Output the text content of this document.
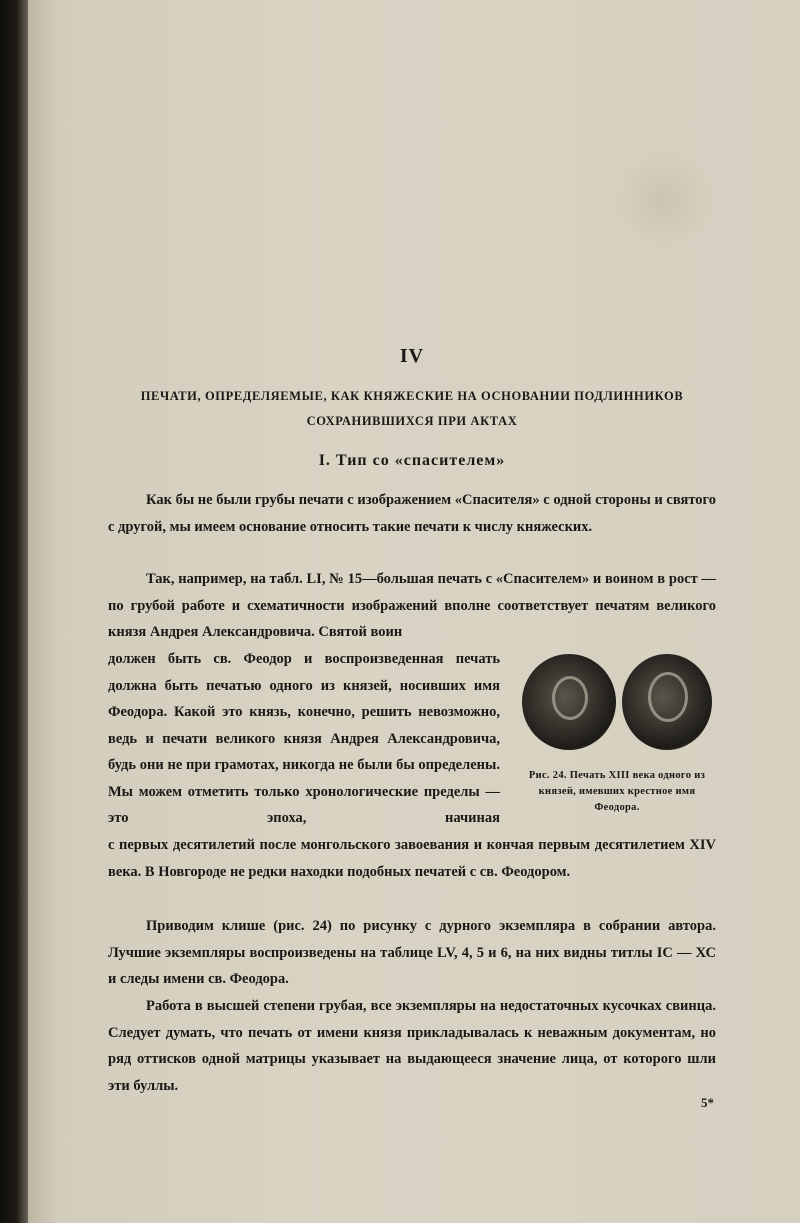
IV
ПЕЧАТИ, ОПРЕДЕЛЯЕМЫЕ, КАК КНЯЖЕСКИЕ НА ОСНОВАНИИ ПОДЛИННИКОВ
СОХРАНИВШИХСЯ ПРИ АКТАХ
I. Тип со «спасителем»

Как бы не были грубы печати с изображением «Спасителя» с одной стороны и святого с другой, мы имеем основание относить такие печати к числу княжеских.

Так, например, на табл. LI, № 15—большая печать с «Спасителем» и воином в рост — по грубой работе и схематичности изображений вполне соответствует печатям великого князя Андрея Александровича. Святой воин

должен быть св. Феодор и воспроизведенная печать должна быть печатью одного из князей, носивших имя Феодора. Какой это князь, конечно, решить невозможно, ведь и печати великого князя Андрея Александровича, будь они не при грамотах, никогда не были бы определены. Мы можем отметить только хронологические пределы — это эпоха, начиная

с первых десятилетий после монгольского завоевания и кончая первым десятилетием XIV века. В Новгороде не редки находки подобных печатей с св. Феодором.

Приводим клише (рис. 24) по рисунку с дурного экземпляра в собрании автора. Лучшие экземпляры воспроизведены на таблице LV, 4, 5 и 6, на них видны титлы IС — ХС и следы имени св. Феодора.

Работа в высшей степени грубая, все экземпляры на недостаточных кусочках свинца. Следует думать, что печать от имени князя прикладывалась к неважным документам, но ряд оттисков одной матрицы указывает на выдающееся значение лица, от которого шли эти буллы.

Рис. 24. Печать XIII века одного из князей, имевших крестное имя Феодора.
5*
